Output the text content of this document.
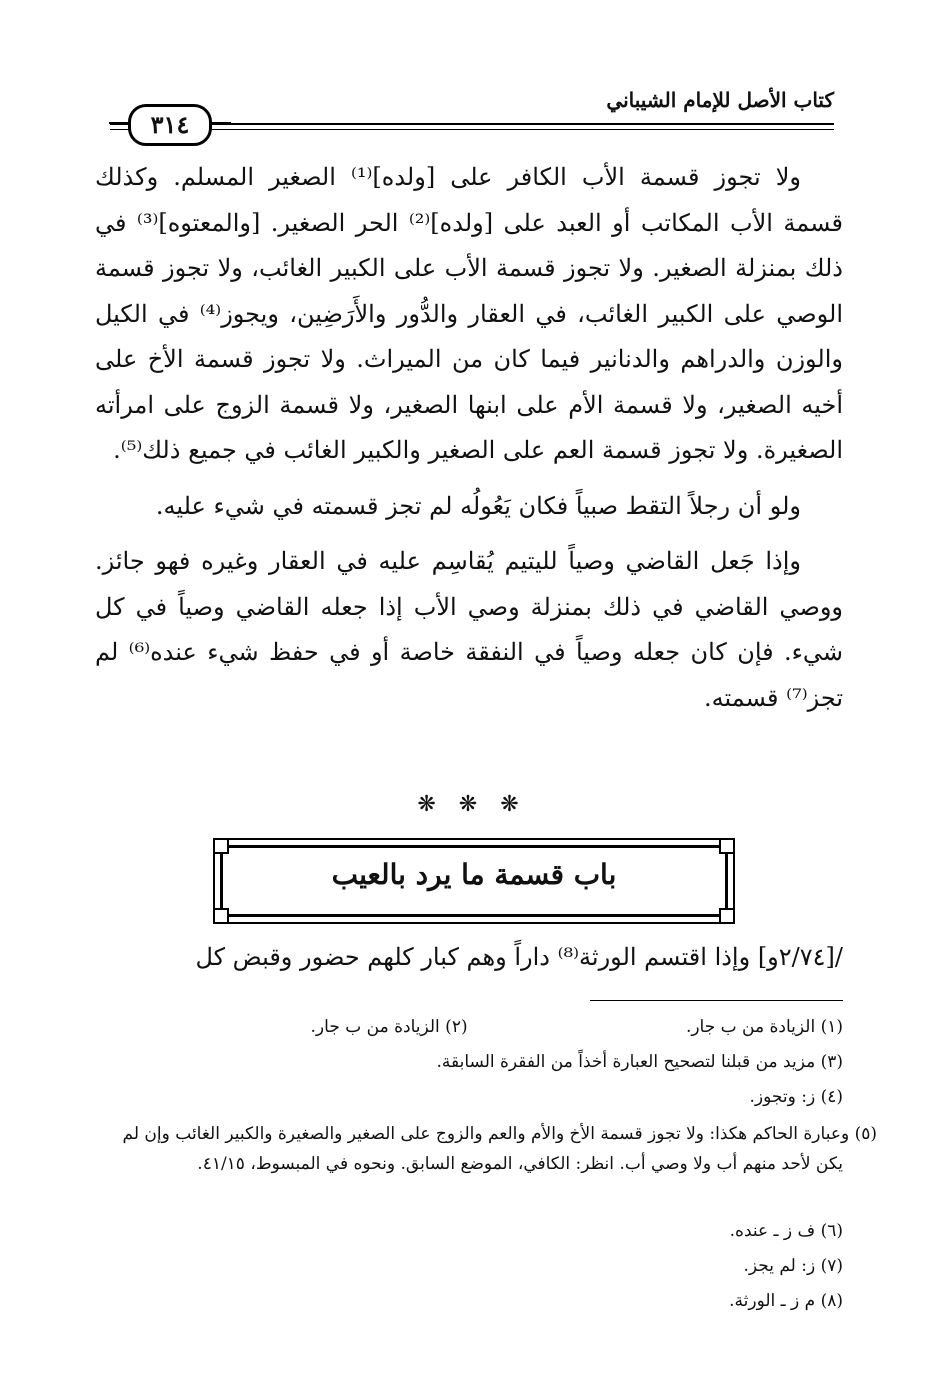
كتاب الأصل للإمام الشيباني
٣١٤

ولا تجوز قسمة الأب الكافر على [ولده]⁽¹⁾ الصغير المسلم. وكذلك قسمة الأب المكاتب أو العبد على [ولده]⁽²⁾ الحر الصغير. [والمعتوه]⁽³⁾ في ذلك بمنزلة الصغير. ولا تجوز قسمة الأب على الكبير الغائب، ولا تجوز قسمة الوصي على الكبير الغائب، في العقار والدُّور والأَرَضِين، ويجوز⁽⁴⁾ في الكيل والوزن والدراهم والدنانير فيما كان من الميراث. ولا تجوز قسمة الأخ على أخيه الصغير، ولا قسمة الأم على ابنها الصغير، ولا قسمة الزوج على امرأته الصغيرة. ولا تجوز قسمة العم على الصغير والكبير الغائب في جميع ذلك⁽⁵⁾.

ولو أن رجلاً التقط صبياً فكان يَعُولُه لم تجز قسمته في شيء عليه.

وإذا جَعل القاضي وصياً لليتيم يُقاسِم عليه في العقار وغيره فهو جائز. ووصي القاضي في ذلك بمنزلة وصي الأب إذا جعله القاضي وصياً في كل شيء. فإن كان جعله وصياً في النفقة خاصة أو في حفظ شيء عنده⁽⁶⁾ لم تجز⁽⁷⁾ قسمته.

❋ ❋ ❋
باب قسمة ما يرد بالعيب
/[٢/٧٤و] وإذا اقتسم الورثة⁽⁸⁾ داراً وهم كبار كلهم حضور وقبض كل
(١) الزيادة من ب جار. (٢) الزيادة من ب جار.
(٣) مزيد من قبلنا لتصحيح العبارة أخذاً من الفقرة السابقة.
(٤) ز: وتجوز.
(٥) وعبارة الحاكم هكذا: ولا تجوز قسمة الأخ والأم والعم والزوج على الصغير والصغيرة والكبير الغائب وإن لم يكن لأحد منهم أب ولا وصي أب. انظر: الكافي، الموضع السابق. ونحوه في المبسوط، ٤١/١٥.
(٦) ف ز ـ عنده.
(٧) ز: لم يجز.
(٨) م ز ـ الورثة.
